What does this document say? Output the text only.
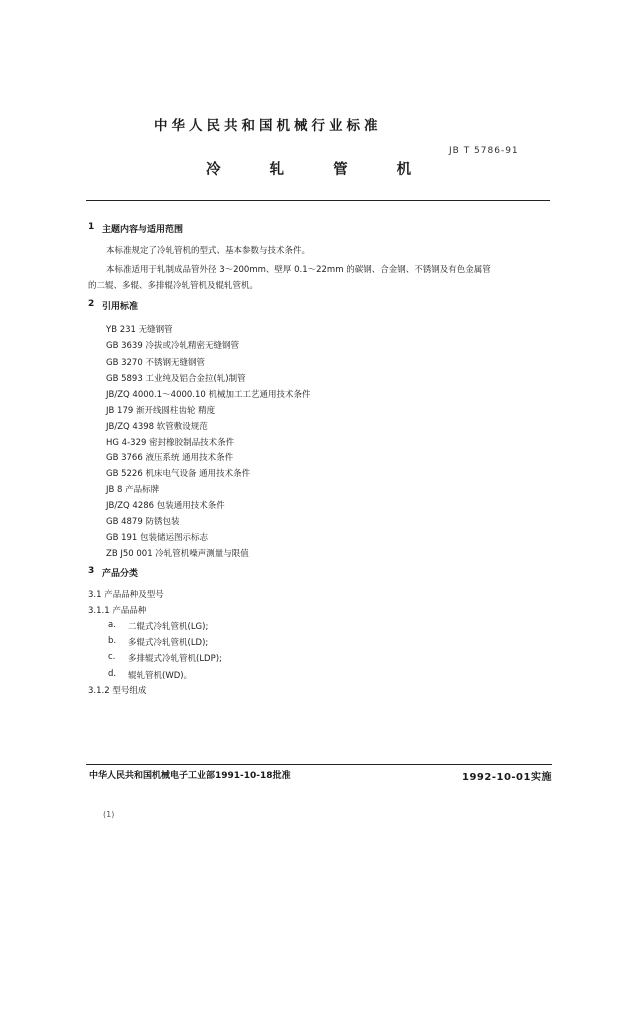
中华人民共和国机械行业标准
JB T 5786-91
冷 轧 管 机
1 主题内容与适用范围
本标准规定了冷轧管机的型式、基本参数与技术条件。
本标准适用于轧制成品管外径 3～200mm、壁厚 0.1～22mm 的碳钢、合金钢、不锈钢及有色金属管
的二辊、多辊、多排辊冷轧管机及辊轧管机。
2 引用标准
YB 231 无缝钢管
GB 3639 冷拔或冷轧精密无缝钢管
GB 3270 不锈钢无缝钢管
GB 5893 工业纯及铝合金拉(轧)制管
JB/ZQ 4000.1～4000.10 机械加工工艺通用技术条件
JB 179 渐开线圆柱齿轮 精度
JB/ZQ 4398 软管敷设规范
HG 4-329 密封橡胶制品技术条件
GB 3766 液压系统 通用技术条件
GB 5226 机床电气设备 通用技术条件
JB 8 产品标牌
JB/ZQ 4286 包装通用技术条件
GB 4879 防锈包装
GB 191 包装储运图示标志
ZB J50 001 冷轧管机噪声测量与限值
3 产品分类
3.1 产品品种及型号
3.1.1 产品品种
a. 二辊式冷轧管机(LG);
b. 多辊式冷轧管机(LD);
c. 多排辊式冷轧管机(LDP);
d. 辊轧管机(WD)。
3.1.2 型号组成
中华人民共和国机械电子工业部1991-10-18批准	1992-10-01实施
(1)
